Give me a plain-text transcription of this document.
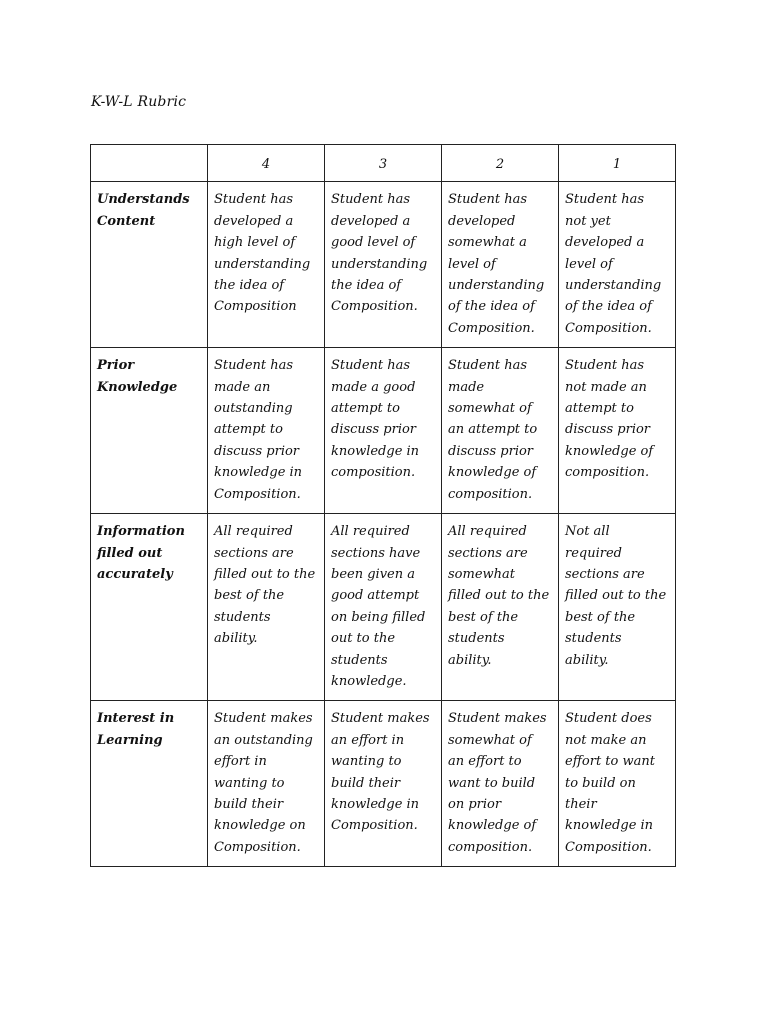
K-W-L Rubric
	4	3	2	1
Understands Content	Student has developed a high level of understanding the idea of Composition	Student has developed a good level of understanding the idea of Composition.	Student has developed somewhat a level of understanding of the idea of Composition.	Student has not yet developed a level of understanding of the idea of Composition.
Prior Knowledge	Student has made an outstanding attempt to discuss prior knowledge in Composition.	Student has made a good attempt to discuss prior knowledge in composition.	Student has made somewhat of an attempt to discuss prior knowledge of composition.	Student has not made an attempt to discuss prior knowledge of composition.
Information filled out accurately	All required sections are filled out to the best of the students ability.	All required sections have been given a good attempt on being filled out to the students knowledge.	All required sections are somewhat filled out to the best of the students ability.	Not all required sections are filled out to the best of the students ability.
Interest in Learning	Student makes an outstanding effort in wanting to build their knowledge on Composition.	Student makes an effort in wanting to build their knowledge in Composition.	Student makes somewhat of an effort to want to build on prior knowledge of composition.	Student does not make an effort to want to build on their knowledge in Composition.
